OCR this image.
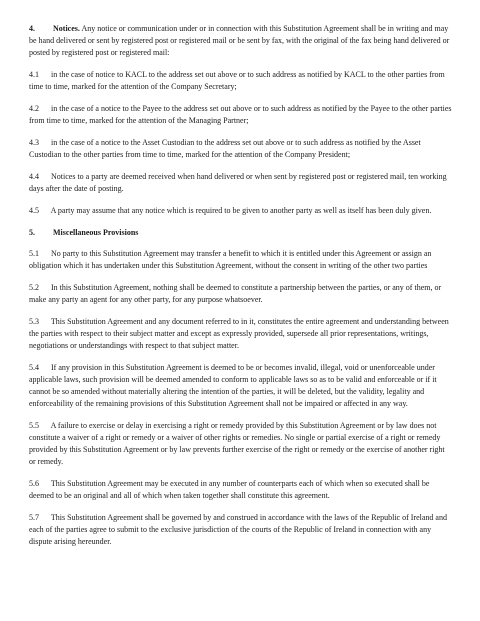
4. Notices. Any notice or communication under or in connection with this Substitution Agreement shall be in writing and may be hand delivered or sent by registered post or registered mail or be sent by fax, with the original of the fax being hand delivered or posted by registered post or registered mail:

4.1 in the case of notice to KACL to the address set out above or to such address as notified by KACL to the other parties from time to time, marked for the attention of the Company Secretary;

4.2 in the case of a notice to the Payee to the address set out above or to such address as notified by the Payee to the other parties from time to time, marked for the attention of the Managing Partner;

4.3 in the case of a notice to the Asset Custodian to the address set out above or to such address as notified by the Asset Custodian to the other parties from time to time, marked for the attention of the Company President;

4.4 Notices to a party are deemed received when hand delivered or when sent by registered post or registered mail, ten working days after the date of posting.

4.5 A party may assume that any notice which is required to be given to another party as well as itself has been duly given.

5. Miscellaneous Provisions

5.1 No party to this Substitution Agreement may transfer a benefit to which it is entitled under this Agreement or assign an obligation which it has undertaken under this Substitution Agreement, without the consent in writing of the other two parties

5.2 In this Substitution Agreement, nothing shall be deemed to constitute a partnership between the parties, or any of them, or make any party an agent for any other party, for any purpose whatsoever.

5.3 This Substitution Agreement and any document referred to in it, constitutes the entire agreement and understanding between the parties with respect to their subject matter and except as expressly provided, supersede all prior representations, writings, negotiations or understandings with respect to that subject matter.

5.4 If any provision in this Substitution Agreement is deemed to be or becomes invalid, illegal, void or unenforceable under applicable laws, such provision will be deemed amended to conform to applicable laws so as to be valid and enforceable or if it cannot be so amended without materially altering the intention of the parties, it will be deleted, but the validity, legality and enforceability of the remaining provisions of this Substitution Agreement shall not be impaired or affected in any way.

5.5 A failure to exercise or delay in exercising a right or remedy provided by this Substitution Agreement or by law does not constitute a waiver of a right or remedy or a waiver of other rights or remedies. No single or partial exercise of a right or remedy provided by this Substitution Agreement or by law prevents further exercise of the right or remedy or the exercise of another right or remedy.

5.6 This Substitution Agreement may be executed in any number of counterparts each of which when so executed shall be deemed to be an original and all of which when taken together shall constitute this agreement.

5.7 This Substitution Agreement shall be governed by and construed in accordance with the laws of the Republic of Ireland and each of the parties agree to submit to the exclusive jurisdiction of the courts of the Republic of Ireland in connection with any dispute arising hereunder.
